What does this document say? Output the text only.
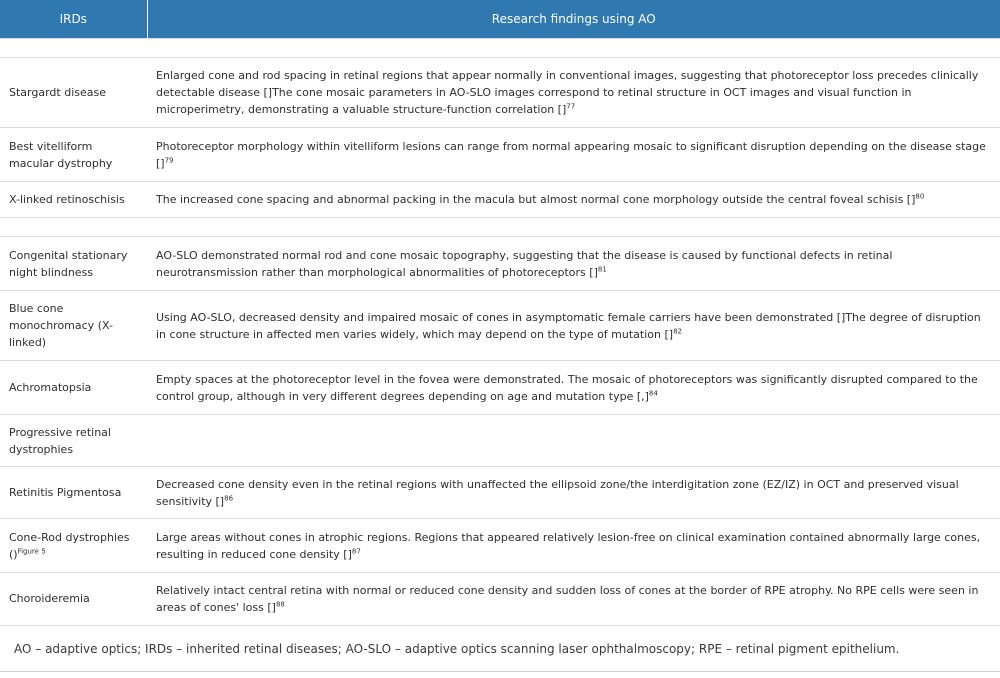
IRDs	Research findings using AO

Stargardt disease	Enlarged cone and rod spacing in retinal regions that appear normally in conventional images, suggesting that photoreceptor loss precedes clinically detectable disease []The cone mosaic parameters in AO-SLO images correspond to retinal structure in OCT images and visual function in microperimetry, demonstrating a valuable structure-function correlation []$^{77}$
Best vitelliform macular dystrophy	Photoreceptor morphology within vitelliform lesions can range from normal appearing mosaic to significant disruption depending on the disease stage []$^{79}$
X-linked retinoschisis	The increased cone spacing and abnormal packing in the macula but almost normal cone morphology outside the central foveal schisis []$^{80}$

Congenital stationary night blindness	AO-SLO demonstrated normal rod and cone mosaic topography, suggesting that the disease is caused by functional defects in retinal neurotransmission rather than morphological abnormalities of photoreceptors []$^{81}$
Blue cone monochromacy (X-linked)	Using AO-SLO, decreased density and impaired mosaic of cones in asymptomatic female carriers have been demonstrated []The degree of disruption in cone structure in affected men varies widely, which may depend on the type of mutation []$^{82}$
Achromatopsia	Empty spaces at the photoreceptor level in the fovea were demonstrated. The mosaic of photoreceptors was significantly disrupted compared to the control group, although in very different degrees depending on age and mutation type [,]$^{84}$
Progressive retinal dystrophies	
Retinitis Pigmentosa	Decreased cone density even in the retinal regions with unaffected the ellipsoid zone/the interdigitation zone (EZ/IZ) in OCT and preserved visual sensitivity []$^{86}$
Cone-Rod dystrophies ()$^{Figure 5}$	Large areas without cones in atrophic regions. Regions that appeared relatively lesion-free on clinical examination contained abnormally large cones, resulting in reduced cone density []$^{87}$
Choroideremia	Relatively intact central retina with normal or reduced cone density and sudden loss of cones at the border of RPE atrophy. No RPE cells were seen in areas of cones' loss []$^{88}$
AO – adaptive optics; IRDs – inherited retinal diseases; AO-SLO – adaptive optics scanning laser ophthalmoscopy; RPE – retinal pigment epithelium.
